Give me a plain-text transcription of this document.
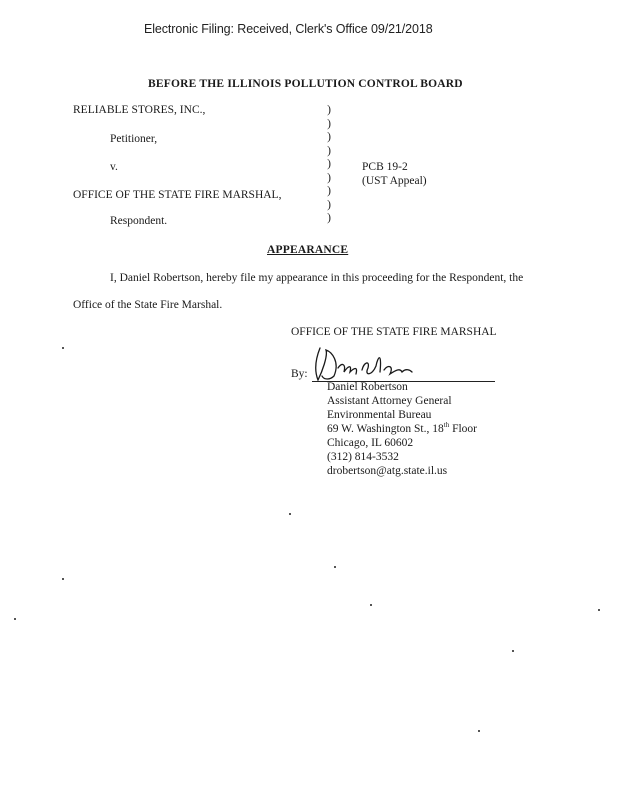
Electronic Filing: Received, Clerk's Office 09/21/2018
BEFORE THE ILLINOIS POLLUTION CONTROL BOARD
RELIABLE STORES, INC.,
Petitioner,
v.
OFFICE OF THE STATE FIRE MARSHAL,
Respondent.
)
)
)
)
)
)
)
)
)
PCB 19-2
(UST Appeal)
APPEARANCE
I, Daniel Robertson, hereby file my appearance in this proceeding for the Respondent, the
Office of the State Fire Marshal.
OFFICE OF THE STATE FIRE MARSHAL
By:
Daniel Robertson
Assistant Attorney General
Environmental Bureau
69 W. Washington St., 18th Floor
Chicago, IL 60602
(312) 814-3532
drobertson@atg.state.il.us
